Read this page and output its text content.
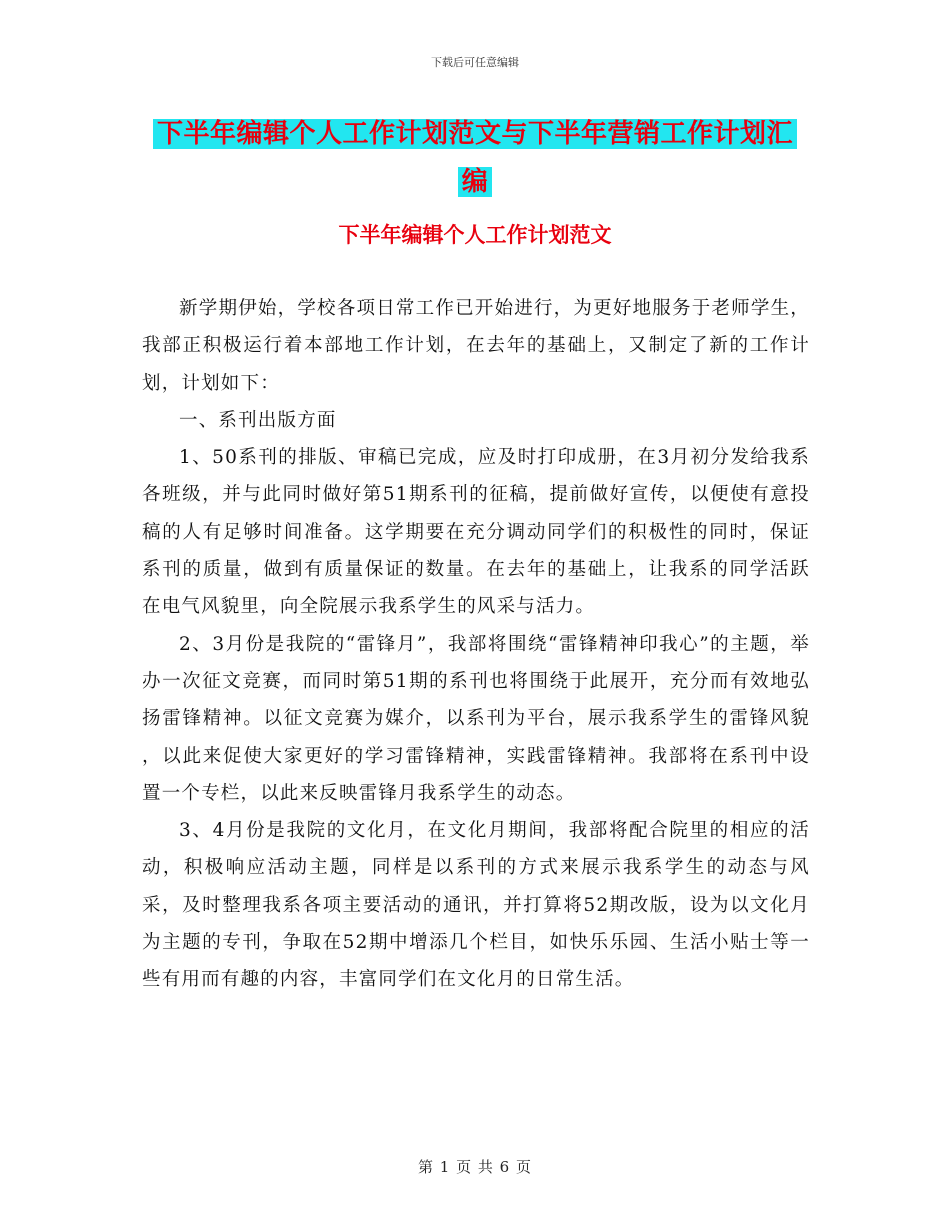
下载后可任意编辑
下半年编辑个人工作计划范文与下半年营销工作计划汇编
下半年编辑个人工作计划范文

新学期伊始，学校各项日常工作已开始进行，为更好地服务于老师学生，我部正积极运行着本部地工作计划，在去年的基础上，又制定了新的工作计划，计划如下：

一、系刊出版方面

1、50系刊的排版、审稿已完成，应及时打印成册，在3月初分发给我系各班级，并与此同时做好第51期系刊的征稿，提前做好宣传，以便使有意投稿的人有足够时间准备。这学期要在充分调动同学们的积极性的同时，保证系刊的质量，做到有质量保证的数量。在去年的基础上，让我系的同学活跃在电气风貌里，向全院展示我系学生的风采与活力。

2、3月份是我院的“雷锋月”，我部将围绕“雷锋精神印我心”的主题，举办一次征文竞赛，而同时第51期的系刊也将围绕于此展开，充分而有效地弘扬雷锋精神。以征文竞赛为媒介，以系刊为平台，展示我系学生的雷锋风貌 ，以此来促使大家更好的学习雷锋精神，实践雷锋精神。我部将在系刊中设置一个专栏，以此来反映雷锋月我系学生的动态。

3、4月份是我院的文化月，在文化月期间，我部将配合院里的相应的活动，积极响应活动主题，同样是以系刊的方式来展示我系学生的动态与风采，及时整理我系各项主要活动的通讯，并打算将52期改版，设为以文化月为主题的专刊，争取在52期中增添几个栏目，如快乐乐园、生活小贴士等一些有用而有趣的内容，丰富同学们在文化月的日常生活。

第 1 页 共 6 页
